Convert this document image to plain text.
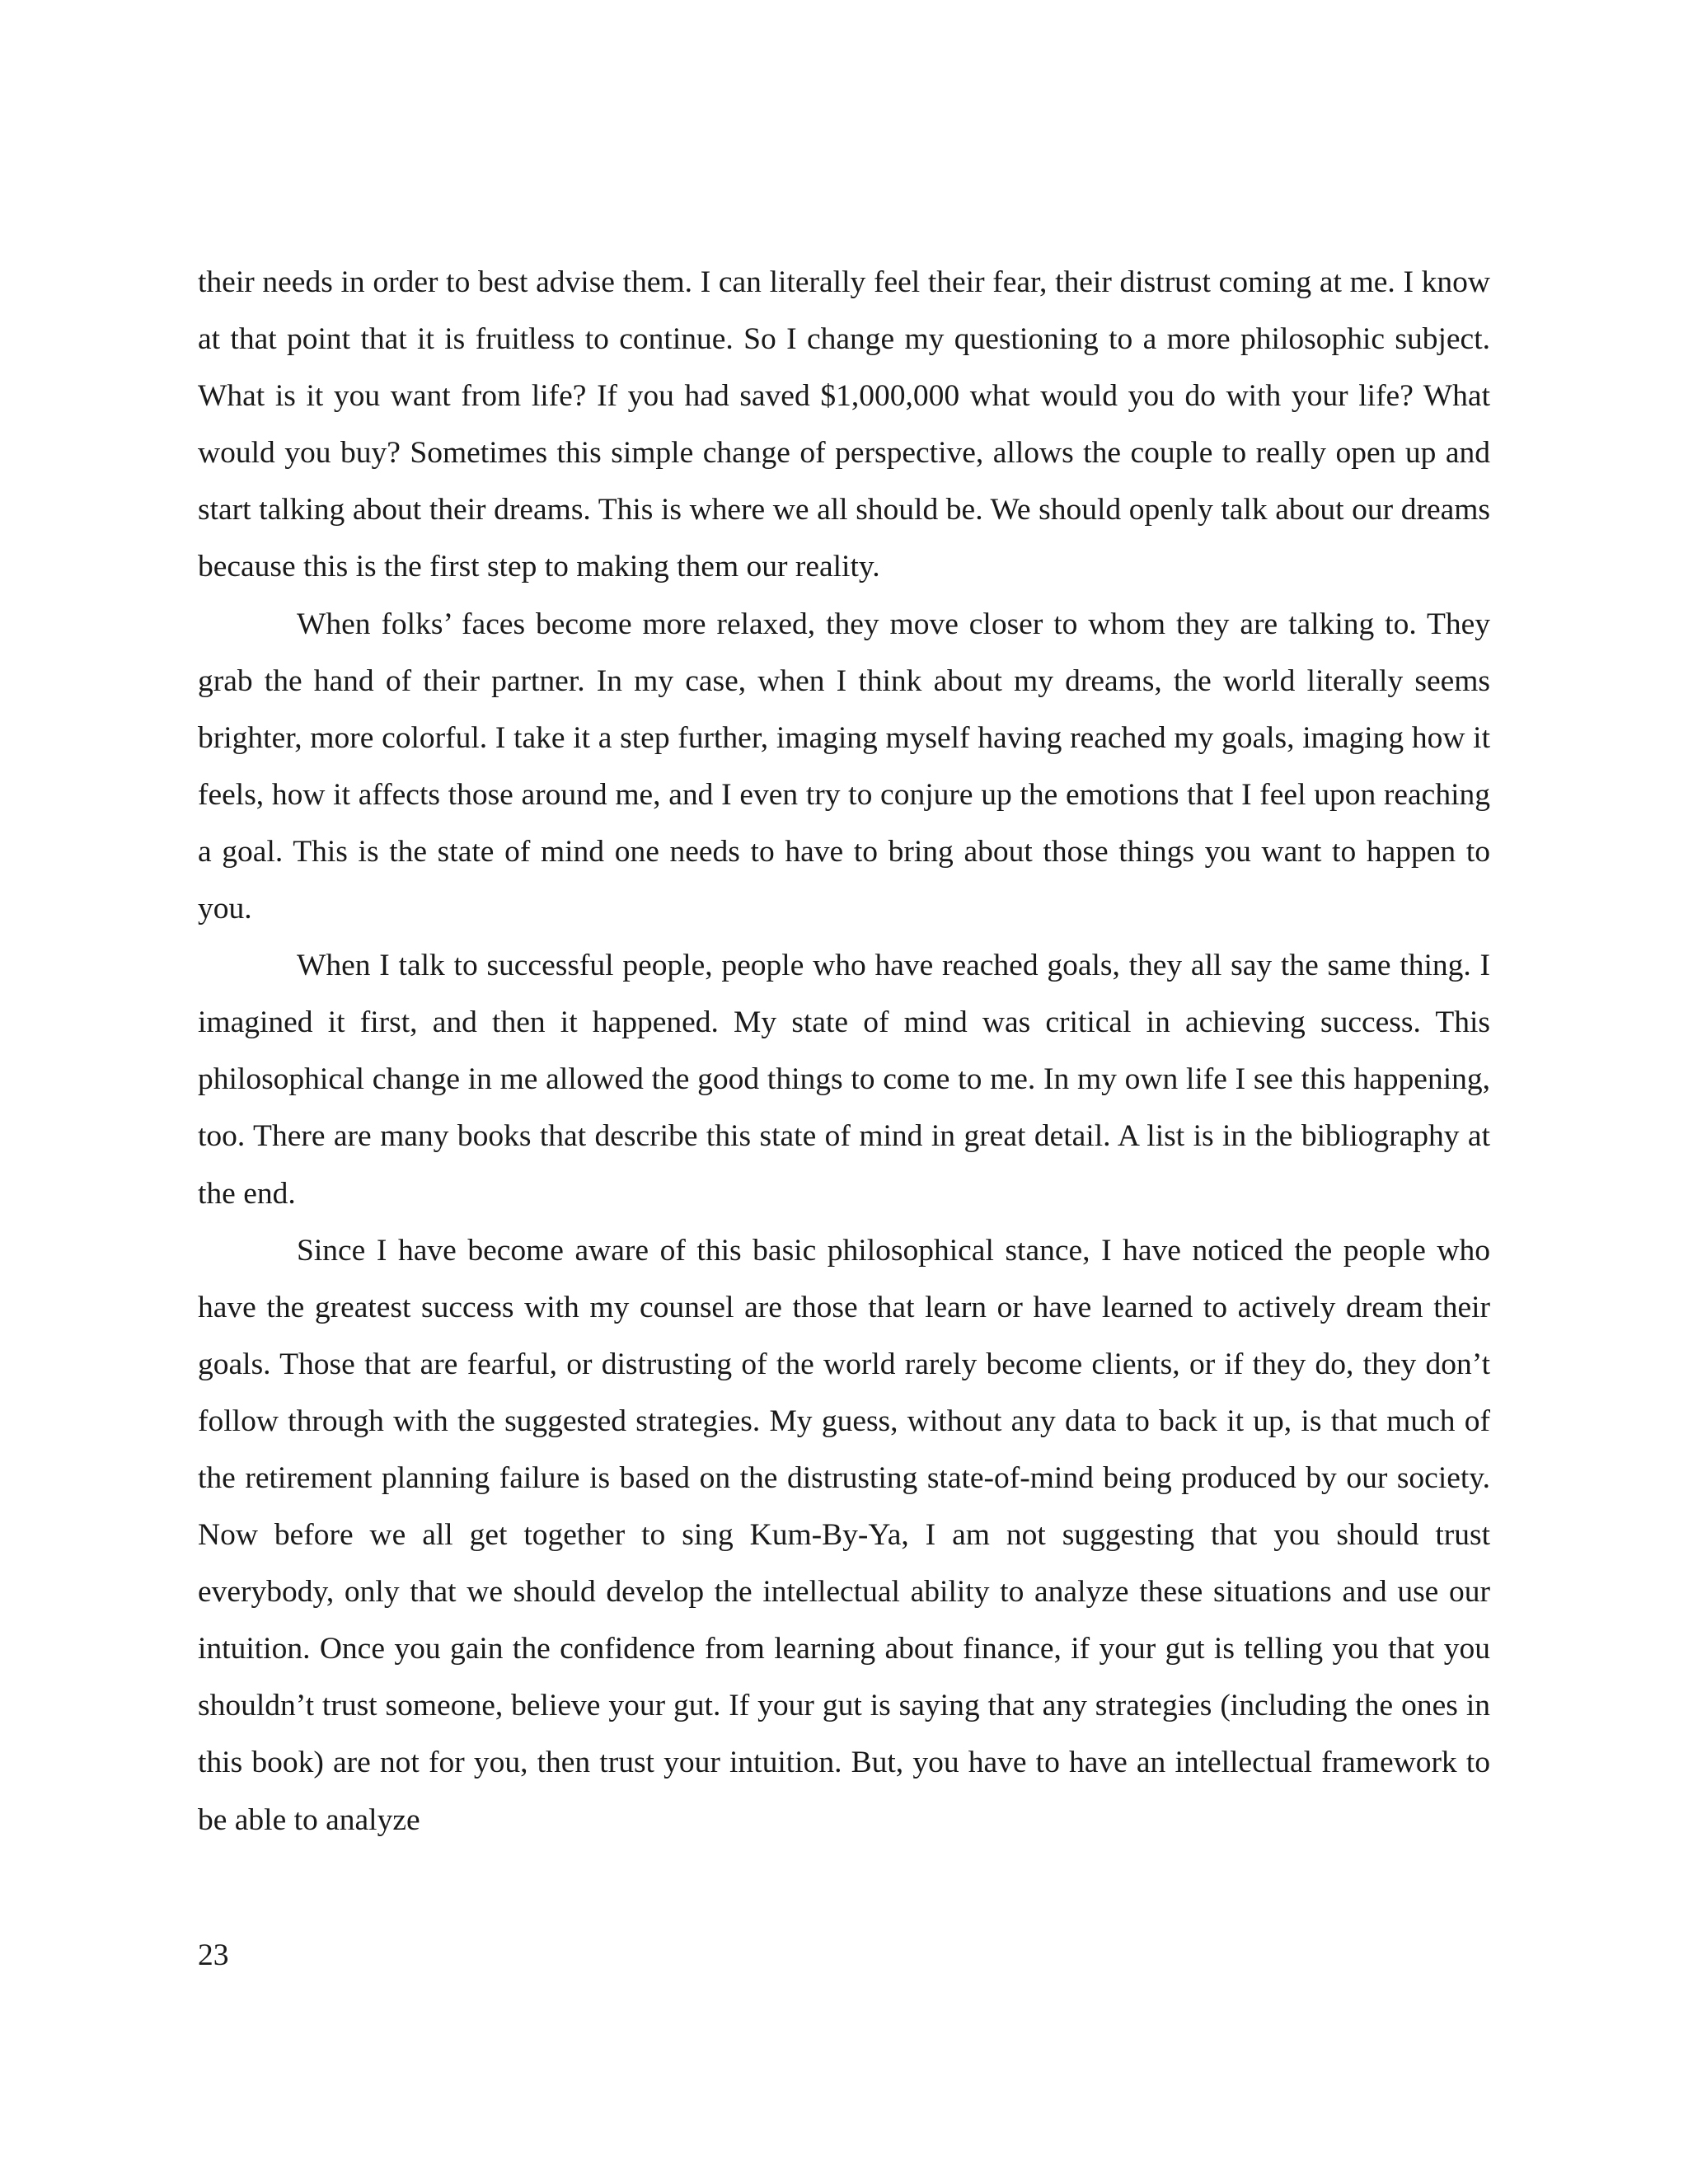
their needs in order to best advise them. I can literally feel their fear, their distrust coming at me. I know at that point that it is fruitless to continue. So I change my questioning to a more philosophic subject. What is it you want from life? If you had saved $1,000,000 what would you do with your life? What would you buy? Sometimes this simple change of perspective, allows the couple to really open up and start talking about their dreams. This is where we all should be. We should openly talk about our dreams because this is the first step to making them our reality.

When folks’ faces become more relaxed, they move closer to whom they are talking to. They grab the hand of their partner. In my case, when I think about my dreams, the world literally seems brighter, more colorful. I take it a step further, imaging myself having reached my goals, imaging how it feels, how it affects those around me, and I even try to conjure up the emotions that I feel upon reaching a goal. This is the state of mind one needs to have to bring about those things you want to happen to you.

When I talk to successful people, people who have reached goals, they all say the same thing. I imagined it first, and then it happened. My state of mind was critical in achieving success. This philosophical change in me allowed the good things to come to me. In my own life I see this happening, too. There are many books that describe this state of mind in great detail. A list is in the bibliography at the end.

Since I have become aware of this basic philosophical stance, I have noticed the people who have the greatest success with my counsel are those that learn or have learned to actively dream their goals. Those that are fearful, or distrusting of the world rarely become clients, or if they do, they don’t follow through with the suggested strategies. My guess, without any data to back it up, is that much of the retirement planning failure is based on the distrusting state-of-mind being produced by our society. Now before we all get together to sing Kum-By-Ya, I am not suggesting that you should trust everybody, only that we should develop the intellectual ability to analyze these situations and use our intuition. Once you gain the confidence from learning about finance, if your gut is telling you that you shouldn’t trust someone, believe your gut. If your gut is saying that any strategies (including the ones in this book) are not for you, then trust your intuition. But, you have to have an intellectual framework to be able to analyze

23
